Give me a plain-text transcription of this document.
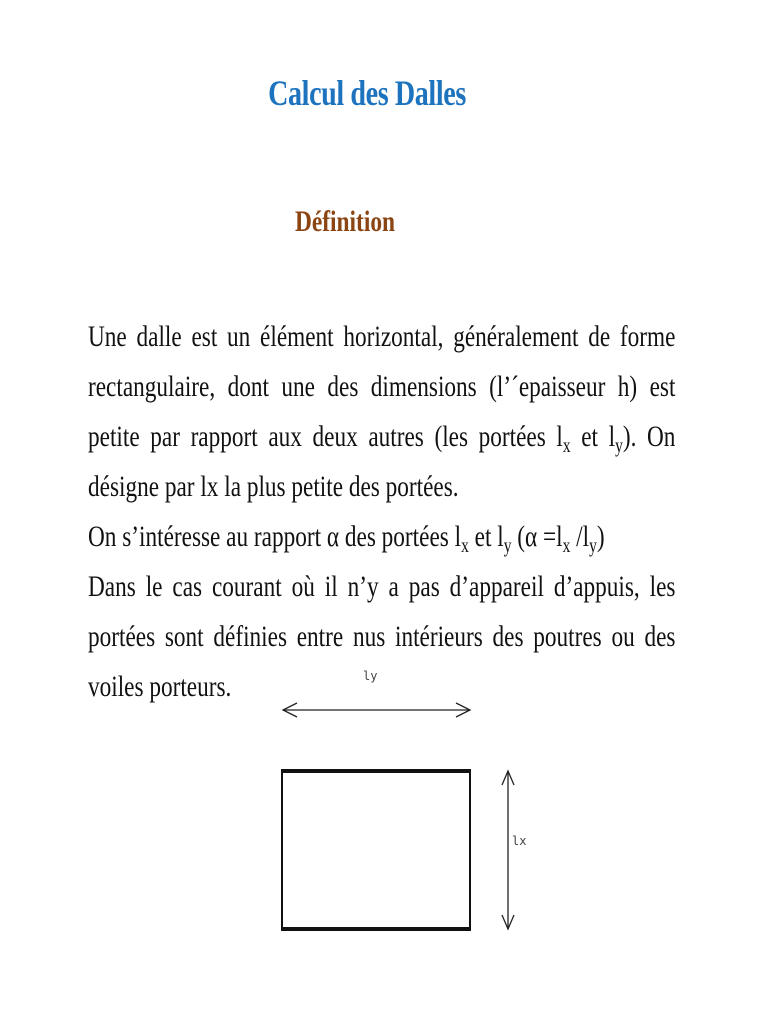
Calcul des Dalles
Définition

Une dalle est un élément horizontal, généralement de forme rectangulaire, dont une des dimensions (l’´epaisseur h) est petite par rapport aux deux autres (les portées $l_x$ et $l_y$). On désigne par lx la plus petite des portées.

On s’intéresse au rapport α des portées $l_x$ et $l_y$ ($\alpha =l_x$ $/l_y$)

Dans le cas courant où il n’y a pas d’appareil d’appuis, les portées sont définies entre nus intérieurs des poutres ou des voiles porteurs.	ly
lx
